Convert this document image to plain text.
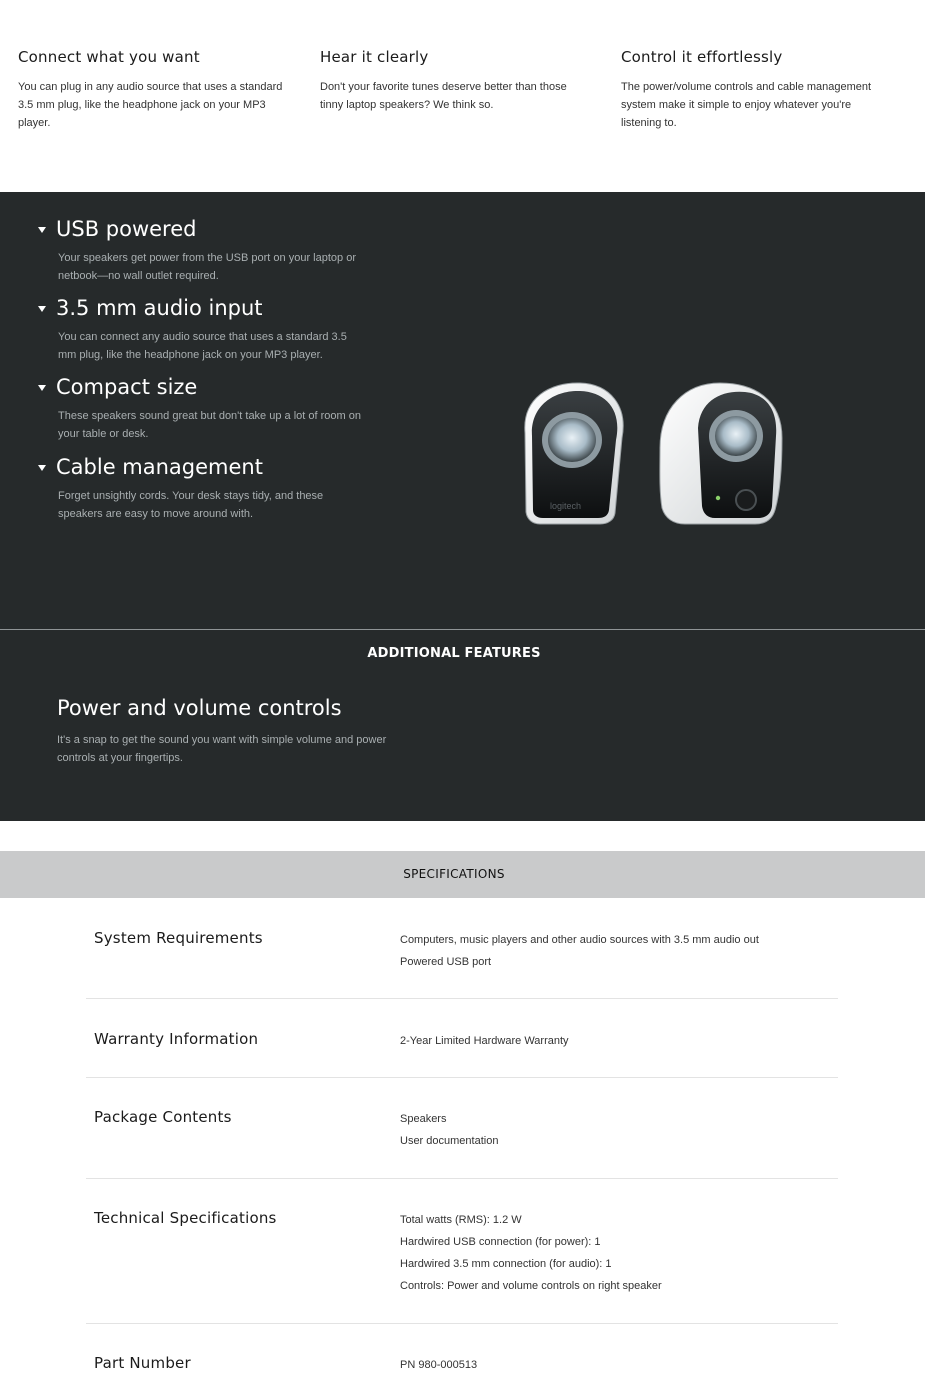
Connect what you want

You can plug in any audio source that uses a standard 3.5 mm plug, like the headphone jack on your MP3 player.

Hear it clearly

Don't your favorite tunes deserve better than those tinny laptop speakers? We think so.

Control it effortlessly

The power/volume controls and cable management system make it simple to enjoy whatever you're listening to.

USB powered

Your speakers get power from the USB port on your laptop or netbook—no wall outlet required.

3.5 mm audio input

You can connect any audio source that uses a standard 3.5 mm plug, like the headphone jack on your MP3 player.

Compact size

These speakers sound great but don't take up a lot of room on your table or desk.

Cable management

Forget unsightly cords. Your desk stays tidy, and these speakers are easy to move around with.

logitech
ADDITIONAL FEATURES
Power and volume controls

It's a snap to get the sound you want with simple volume and power controls at your fingertips.

SPECIFICATIONS
System Requirements	Computers, music players and other audio sources with 3.5 mm audio out
Powered USB port
Warranty Information	2-Year Limited Hardware Warranty
Package Contents	Speakers
User documentation
Technical Specifications	Total watts (RMS): 1.2 W
Hardwired USB connection (for power): 1
Hardwired 3.5 mm connection (for audio): 1
Controls: Power and volume controls on right speaker
Part Number	PN 980-000513
